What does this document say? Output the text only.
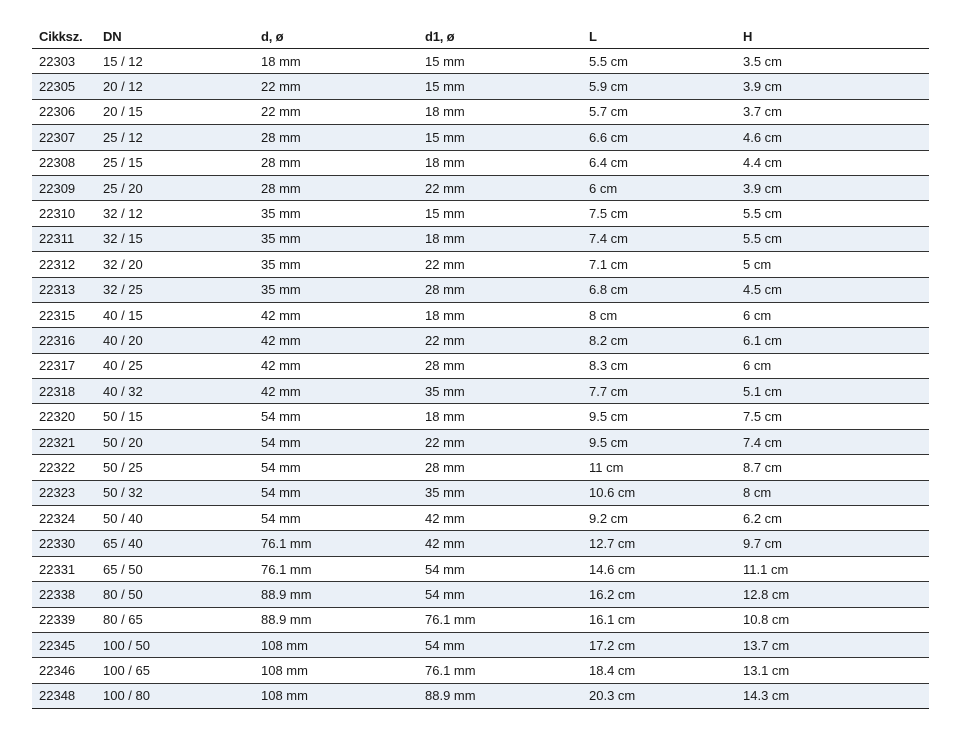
Cikksz.	DN	d, ø	d1, ø	L	H
22303	15 / 12	18 mm	15 mm	5.5 cm	3.5 cm
22305	20 / 12	22 mm	15 mm	5.9 cm	3.9 cm
22306	20 / 15	22 mm	18 mm	5.7 cm	3.7 cm
22307	25 / 12	28 mm	15 mm	6.6 cm	4.6 cm
22308	25 / 15	28 mm	18 mm	6.4 cm	4.4 cm
22309	25 / 20	28 mm	22 mm	6 cm	3.9 cm
22310	32 / 12	35 mm	15 mm	7.5 cm	5.5 cm
22311	32 / 15	35 mm	18 mm	7.4 cm	5.5 cm
22312	32 / 20	35 mm	22 mm	7.1 cm	5 cm
22313	32 / 25	35 mm	28 mm	6.8 cm	4.5 cm
22315	40 / 15	42 mm	18 mm	8 cm	6 cm
22316	40 / 20	42 mm	22 mm	8.2 cm	6.1 cm
22317	40 / 25	42 mm	28 mm	8.3 cm	6 cm
22318	40 / 32	42 mm	35 mm	7.7 cm	5.1 cm
22320	50 / 15	54 mm	18 mm	9.5 cm	7.5 cm
22321	50 / 20	54 mm	22 mm	9.5 cm	7.4 cm
22322	50 / 25	54 mm	28 mm	11 cm	8.7 cm
22323	50 / 32	54 mm	35 mm	10.6 cm	8 cm
22324	50 / 40	54 mm	42 mm	9.2 cm	6.2 cm
22330	65 / 40	76.1 mm	42 mm	12.7 cm	9.7 cm
22331	65 / 50	76.1 mm	54 mm	14.6 cm	11.1 cm
22338	80 / 50	88.9 mm	54 mm	16.2 cm	12.8 cm
22339	80 / 65	88.9 mm	76.1 mm	16.1 cm	10.8 cm
22345	100 / 50	108 mm	54 mm	17.2 cm	13.7 cm
22346	100 / 65	108 mm	76.1 mm	18.4 cm	13.1 cm
22348	100 / 80	108 mm	88.9 mm	20.3 cm	14.3 cm
